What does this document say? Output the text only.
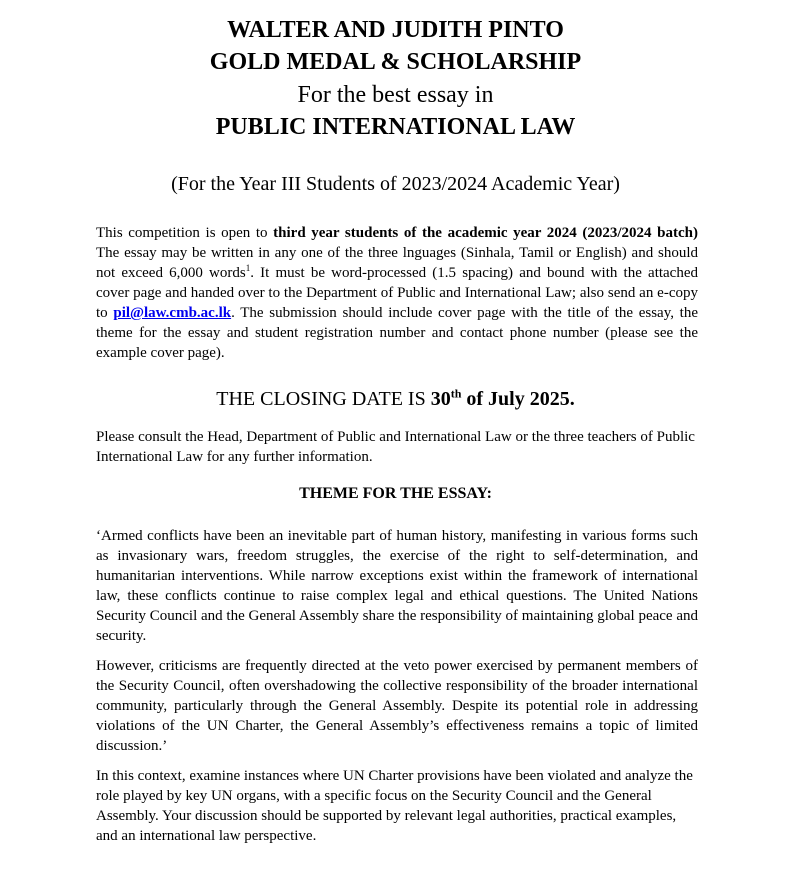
WALTER AND JUDITH PINTO
GOLD MEDAL & SCHOLARSHIP
For the best essay in
PUBLIC INTERNATIONAL LAW
(For the Year III Students of 2023/2024 Academic Year)
This competition is open to third year students of the academic year 2024 (2023/2024 batch) The essay may be written in any one of the three lnguages (Sinhala, Tamil or English) and should not exceed 6,000 words$^1$. It must be word-processed (1.5 spacing) and bound with the attached cover page and handed over to the Department of Public and International Law; also send an e-copy to pil@law.cmb.ac.lk. The submission should include cover page with the title of the essay, the theme for the essay and student registration number and contact phone number (please see the example cover page).
THE CLOSING DATE IS 30th of July 2025.
Please consult the Head, Department of Public and International Law or the three teachers of Public International Law for any further information.
THEME FOR THE ESSAY:
‘Armed conflicts have been an inevitable part of human history, manifesting in various forms such as invasionary wars, freedom struggles, the exercise of the right to self-determination, and humanitarian interventions. While narrow exceptions exist within the framework of international law, these conflicts continue to raise complex legal and ethical questions. The United Nations Security Council and the General Assembly share the responsibility of maintaining global peace and security.
However, criticisms are frequently directed at the veto power exercised by permanent members of the Security Council, often overshadowing the collective responsibility of the broader international community, particularly through the General Assembly. Despite its potential role in addressing violations of the UN Charter, the General Assembly’s effectiveness remains a topic of limited discussion.’
In this context, examine instances where UN Charter provisions have been violated and analyze the role played by key UN organs, with a specific focus on the Security Council and the General Assembly. Your discussion should be supported by relevant legal authorities, practical examples, and an international law perspective.
